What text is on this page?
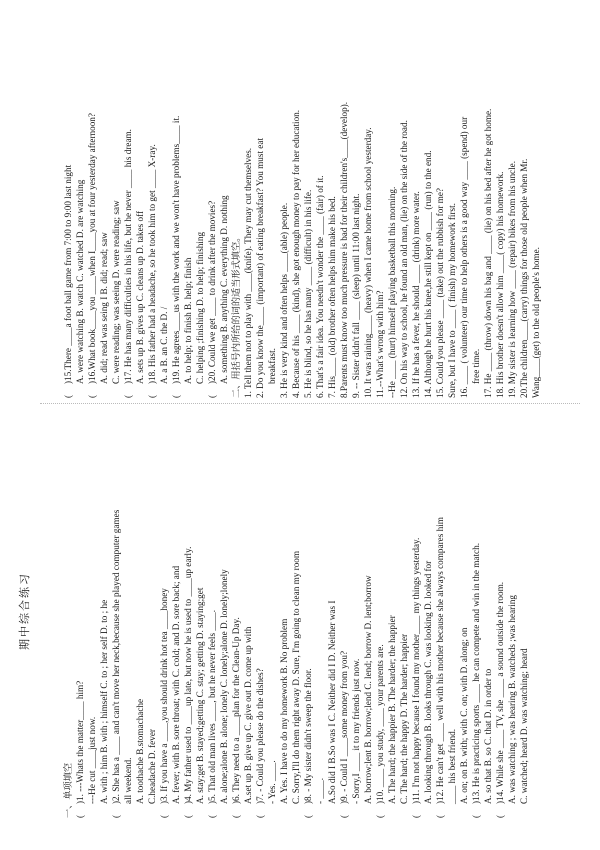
期中综合练习
一、单项填空 ()1. ---Whats the matter____ him? ---He cut ____just now. A. with ; him B. with ; himself C. to ; her self D. to ; he
()2. She has a ____ and can't move her neck,because she played computer games all weekend. A. toothache B.stomachache C.headache D. fever
()3. If you have a ____,you should drink hot tea ____honey A. fever; with B. sore throat; with C. cold; and D. sore back; and
()4. My father used to ____up late, but now he is used to ____up early. A. stay;get B. stayed;getting C. stay; getting D. staying;get
()5. That old man lives ____, but he never feels ____. A. alone;alone B. alone; lonely C. lonely;alone D. lonely;lonely
()6. They need to a ____plan for the Clean-Up Day. A.set up B. give up C. give out D. come up with
()7. - Could you please do the dishes? - Yes. ____. A. Yes. I have to do my homework B. No problem C. Sorry,I'll do them right away D. Sure, I'm going to clean my room
()8. - My sister didn't sweep the floor. - ____. A.So did I B.So was I C. Neither did I D. Neither was I
()9. - Could I ____some money from you? - Sorry,I ____ it to my friends just now. A. borrow;lent B. borrow;lend C. lend; borrow D. lent;borrow
()10. ____ you study, ____ your parents are. A. The hard; the happier B. The harder; the happier C. The hard; the happy D. The harder; happier
()11. I'm not happy because I found my mother____ my things yesterday. A. looking through B. looks through C. was looking D. looked for
()12. He can't get ____ well with his mother because she always compares him ____ his best friend. A. on; on B. with; with C. on; with D. along; on
()13. He is practicing sports ____ he can compete and win in the match. A. so that B. so C. that D. in order to
()14. While she ____ TV, she ____ a sound outside the room. A. was watching ; was hearing B. watcheds ;was hearing C. watched; heard D. was watching; heard
()15.There ____a foot ball game from 7:00 to 9:00 last night A. were watching B. watch C. watched D. are watching
()16.What book____you ____when I____you at four yesterday afternoon? A. did; read was seing I B. did; read; saw C. were reading; was seeing D. were reading; saw
()17. He has many difficulties in his life, but he never ____ his dream. A. sets up B. gives up C. cleans up D. takes off
()18. His father had a headache, so he took him to get ____ X-ray. A. a B. an C. the D. /
()19. He agrees____us with the work and we won't have problems____ it. A. to help; to finish B. help; finish C. helping ;finishing D. to help; finishing
()20. Could we get ____ to drink after the movies? A. something B. anything C. everything D. nothing 二、用括号内所给的词的适当形式填空。 1. Tell them not to play with ____(knife). They may cut themselves. 2. Do you know the____ (important) of eating breakfast? You must eat breakfast. 3. He is very kind and often helps ____(able) people. 4. Because of his ____ (kind), she got enough money to pay for her education. 5. He is blind, so he has many ____ (difficult) in his life. 6. That's a fair idea. You needn't wonder the ____ (fair) of it. 7. His____ (old) brother often helps him make his bed. 8.Parents must know too much pressure is bad for their children's____(develop). 9. -- Sister didn't fall ____ (sleep) until 11:00 last night. 10. It was raining____ (heavy) when I came home from school yesterday. 11.--What's wrong with him? --He ____ (hurt) himself playing basketball this morning. 12. On his way to school, he found an old man, (lie) on the side of the road. 13. If he has a fever, he should ____ (drink) more water. 14. Although he hurt his knee,he still kept on ____ (run) to the end. 15. Could you please ____ (take) out the rubbish for me? Sure, but I have to ____ ( finish) my homework first. 16. ____ ( volunteer) our time to help others is a good way ____ (spend) our free time. 17. He ____ (throw) down his bag and ____ (lie) on his bed after he got home. 18. His brother doesn't allow him ____( copy) his homework. 19. My sister is learning how ____ (repair) bikes from his uncle. 20.The children____(carry) things for those old people when Mr. Wang____(get) to the old people's home.
